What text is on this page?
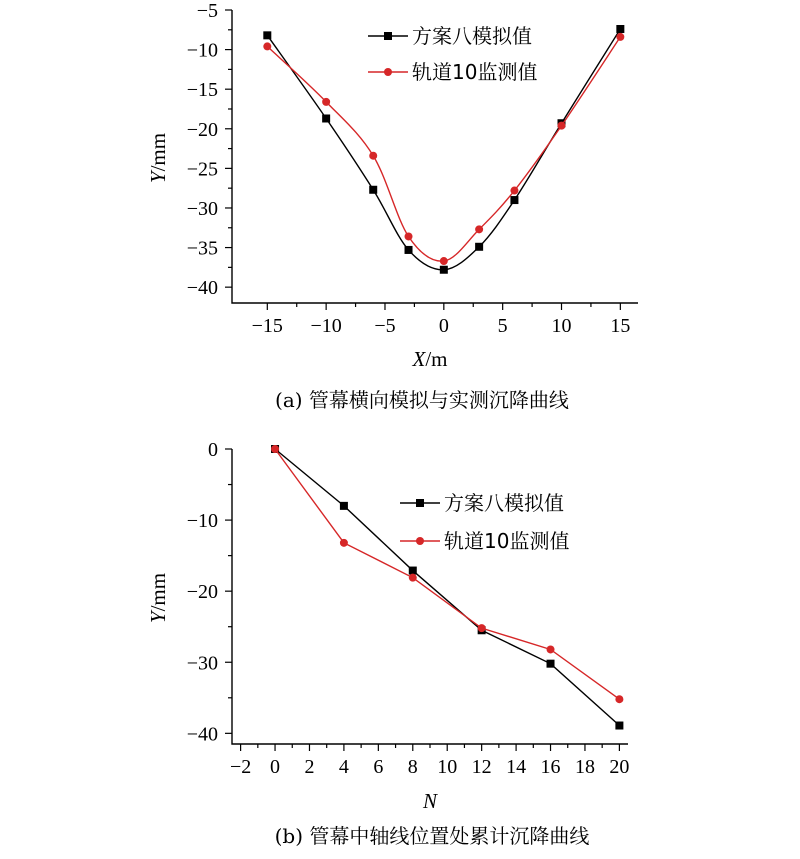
−15 −10 −5 0 5 10 15
−5
−10
−15
−20
−25
−30
−35
−40
方案八模拟值
轨道10监测值
Y/mm
X/m
(a) 管幕横向模拟与实测沉降曲线
−2 0 2 4 6 8 10 12 14 16 18 20
0
−10
−20
−30
−40
方案八模拟值
轨道10监测值
Y/mm
N
(b) 管幕中轴线位置处累计沉降曲线
